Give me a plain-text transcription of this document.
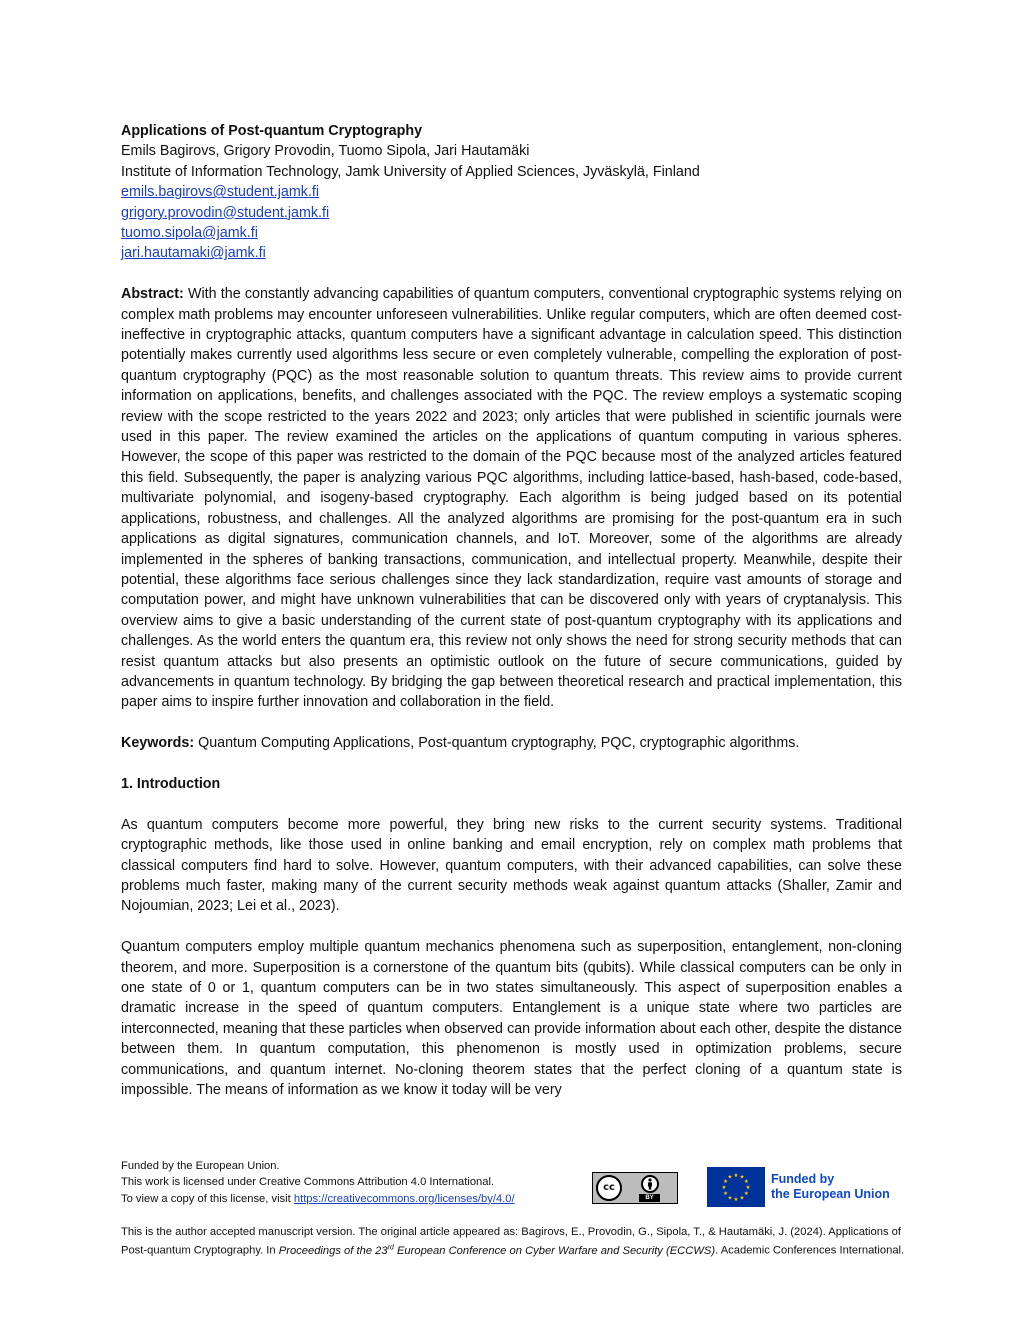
Applications of Post-quantum Cryptography

Emils Bagirovs, Grigory Provodin, Tuomo Sipola, Jari Hautamäki

Institute of Information Technology, Jamk University of Applied Sciences, Jyväskylä, Finland

emils.bagirovs@student.jamk.fi
grigory.provodin@student.jamk.fi
tuomo.sipola@jamk.fi
jari.hautamaki@jamk.fi

Abstract: With the constantly advancing capabilities of quantum computers, conventional cryptographic systems relying on complex math problems may encounter unforeseen vulnerabilities. Unlike regular computers, which are often deemed cost-ineffective in cryptographic attacks, quantum computers have a significant advantage in calculation speed. This distinction potentially makes currently used algorithms less secure or even completely vulnerable, compelling the exploration of post-quantum cryptography (PQC) as the most reasonable solution to quantum threats. This review aims to provide current information on applications, benefits, and challenges associated with the PQC. The review employs a systematic scoping review with the scope restricted to the years 2022 and 2023; only articles that were published in scientific journals were used in this paper. The review examined the articles on the applications of quantum computing in various spheres. However, the scope of this paper was restricted to the domain of the PQC because most of the analyzed articles featured this field. Subsequently, the paper is analyzing various PQC algorithms, including lattice-based, hash-based, code-based, multivariate polynomial, and isogeny-based cryptography. Each algorithm is being judged based on its potential applications, robustness, and challenges. All the analyzed algorithms are promising for the post-quantum era in such applications as digital signatures, communication channels, and IoT. Moreover, some of the algorithms are already implemented in the spheres of banking transactions, communication, and intellectual property. Meanwhile, despite their potential, these algorithms face serious challenges since they lack standardization, require vast amounts of storage and computation power, and might have unknown vulnerabilities that can be discovered only with years of cryptanalysis. This overview aims to give a basic understanding of the current state of post-quantum cryptography with its applications and challenges. As the world enters the quantum era, this review not only shows the need for strong security methods that can resist quantum attacks but also presents an optimistic outlook on the future of secure communications, guided by advancements in quantum technology. By bridging the gap between theoretical research and practical implementation, this paper aims to inspire further innovation and collaboration in the field.

Keywords: Quantum Computing Applications, Post-quantum cryptography, PQC, cryptographic algorithms.

1. Introduction

As quantum computers become more powerful, they bring new risks to the current security systems. Traditional cryptographic methods, like those used in online banking and email encryption, rely on complex math problems that classical computers find hard to solve. However, quantum computers, with their advanced capabilities, can solve these problems much faster, making many of the current security methods weak against quantum attacks (Shaller, Zamir and Nojoumian, 2023; Lei et al., 2023).

Quantum computers employ multiple quantum mechanics phenomena such as superposition, entanglement, non-cloning theorem, and more. Superposition is a cornerstone of the quantum bits (qubits). While classical computers can be only in one state of 0 or 1, quantum computers can be in two states simultaneously. This aspect of superposition enables a dramatic increase in the speed of quantum computers. Entanglement is a unique state where two particles are interconnected, meaning that these particles when observed can provide information about each other, despite the distance between them. In quantum computation, this phenomenon is mostly used in optimization problems, secure communications, and quantum internet. No-cloning theorem states that the perfect cloning of a quantum state is impossible. The means of information as we know it today will be very

Funded by the European Union.
This work is licensed under Creative Commons Attribution 4.0 International.
To view a copy of this license, visit https://creativecommons.org/licenses/by/4.0/
cc
BY
★ ★
★
★
★
★
★
★
★
★
★
★	Funded by
the European Union
This is the author accepted manuscript version. The original article appeared as: Bagirovs, E., Provodin, G., Sipola, T., & Hautamäki, J. (2024). Applications of Post-quantum Cryptography. In Proceedings of the 23rd European Conference on Cyber Warfare and Security (ECCWS). Academic Conferences International.
